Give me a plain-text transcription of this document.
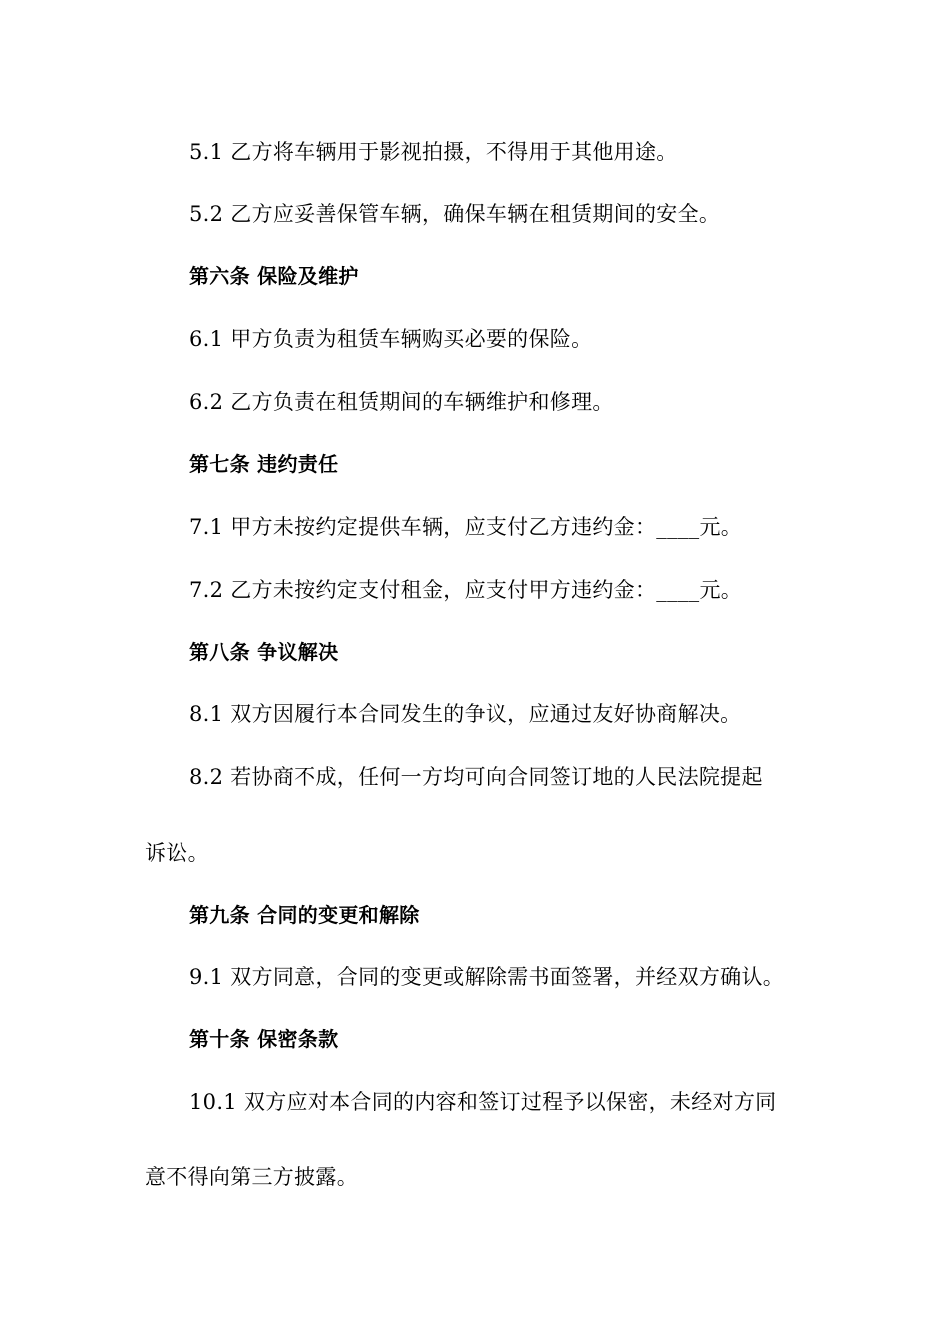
5.1 乙方将车辆用于影视拍摄，不得用于其他用途。
5.2 乙方应妥善保管车辆，确保车辆在租赁期间的安全。
第六条 保险及维护
6.1 甲方负责为租赁车辆购买必要的保险。
6.2 乙方负责在租赁期间的车辆维护和修理。
第七条 违约责任
7.1 甲方未按约定提供车辆，应支付乙方违约金：____元。
7.2 乙方未按约定支付租金，应支付甲方违约金：____元。
第八条 争议解决
8.1 双方因履行本合同发生的争议，应通过友好协商解决。
8.2 若协商不成，任何一方均可向合同签订地的人民法院提起
诉讼。
第九条 合同的变更和解除
9.1 双方同意，合同的变更或解除需书面签署，并经双方确认。
第十条 保密条款
10.1 双方应对本合同的内容和签订过程予以保密，未经对方同
意不得向第三方披露。
